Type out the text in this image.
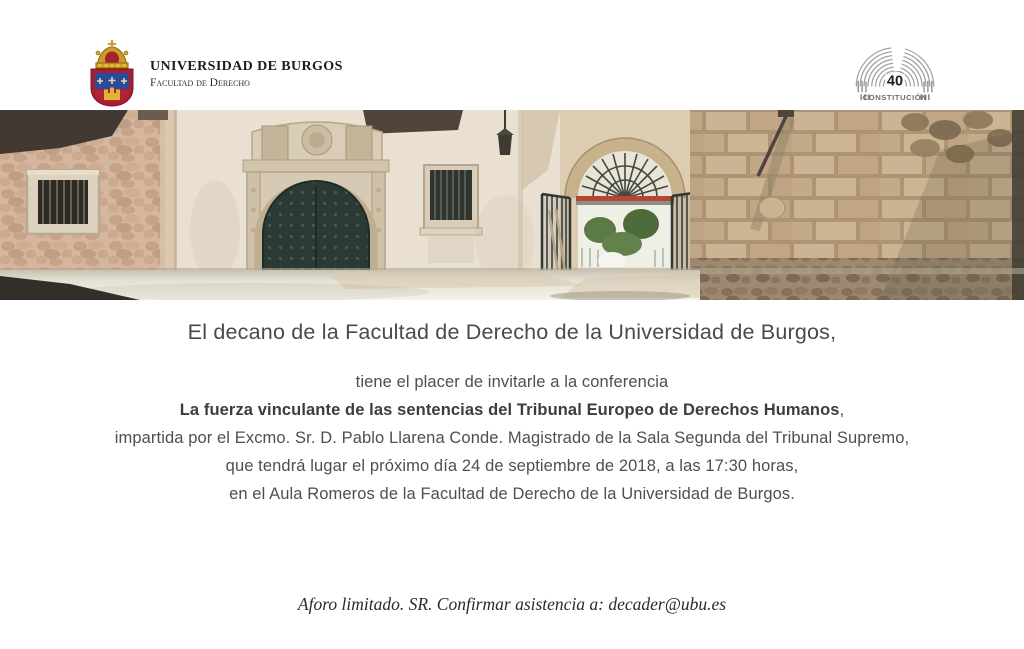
UNIVERSIDAD DE BURGOS
Facultad de Derecho	40
CONSTITUCIÓN
El decano de la Facultad de Derecho de la Universidad de Burgos,
tiene el placer de invitarle a la conferencia
La fuerza vinculante de las sentencias del Tribunal Europeo de Derechos Humanos,
impartida por el Excmo. Sr. D. Pablo Llarena Conde. Magistrado de la Sala Segunda del Tribunal Supremo,
que tendrá lugar el próximo día 24 de septiembre de 2018, a las 17:30 horas,
en el Aula Romeros de la Facultad de Derecho de la Universidad de Burgos.
Aforo limitado. SR. Confirmar asistencia a: decader@ubu.es
